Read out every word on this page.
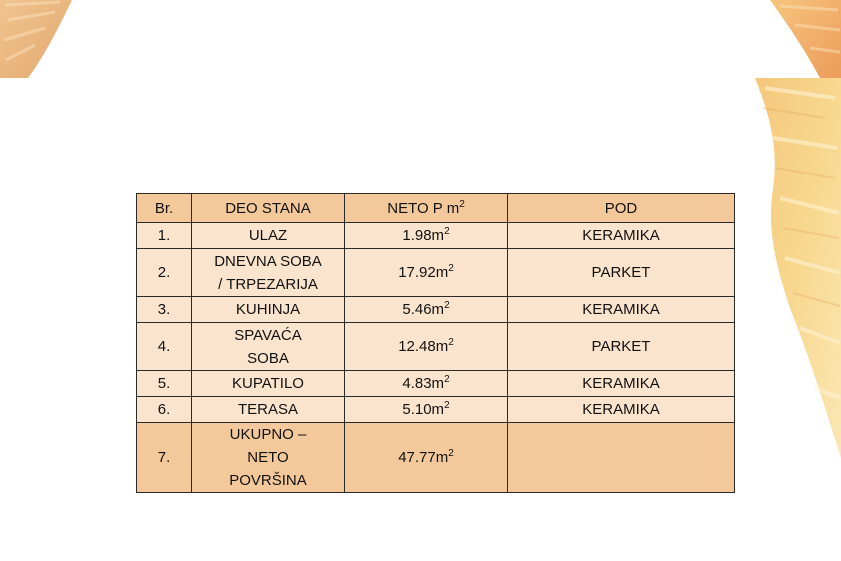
Br.	DEO STANA	NETO P $m^2$	POD
1.	ULAZ	$1.98m^2$	KERAMIKA
2.	DNEVNA SOBA
/ TRPEZARIJA	$17.92m^2$	PARKET
3.	KUHINJA	$5.46m^2$	KERAMIKA
4.	SPAVAĆA
SOBA	$12.48m^2$	PARKET
5.	KUPATILO	$4.83m^2$	KERAMIKA
6.	TERASA	$5.10m^2$	KERAMIKA
7.	UKUPNO –
NETO
POVRŠINA	$47.77m^2$	
